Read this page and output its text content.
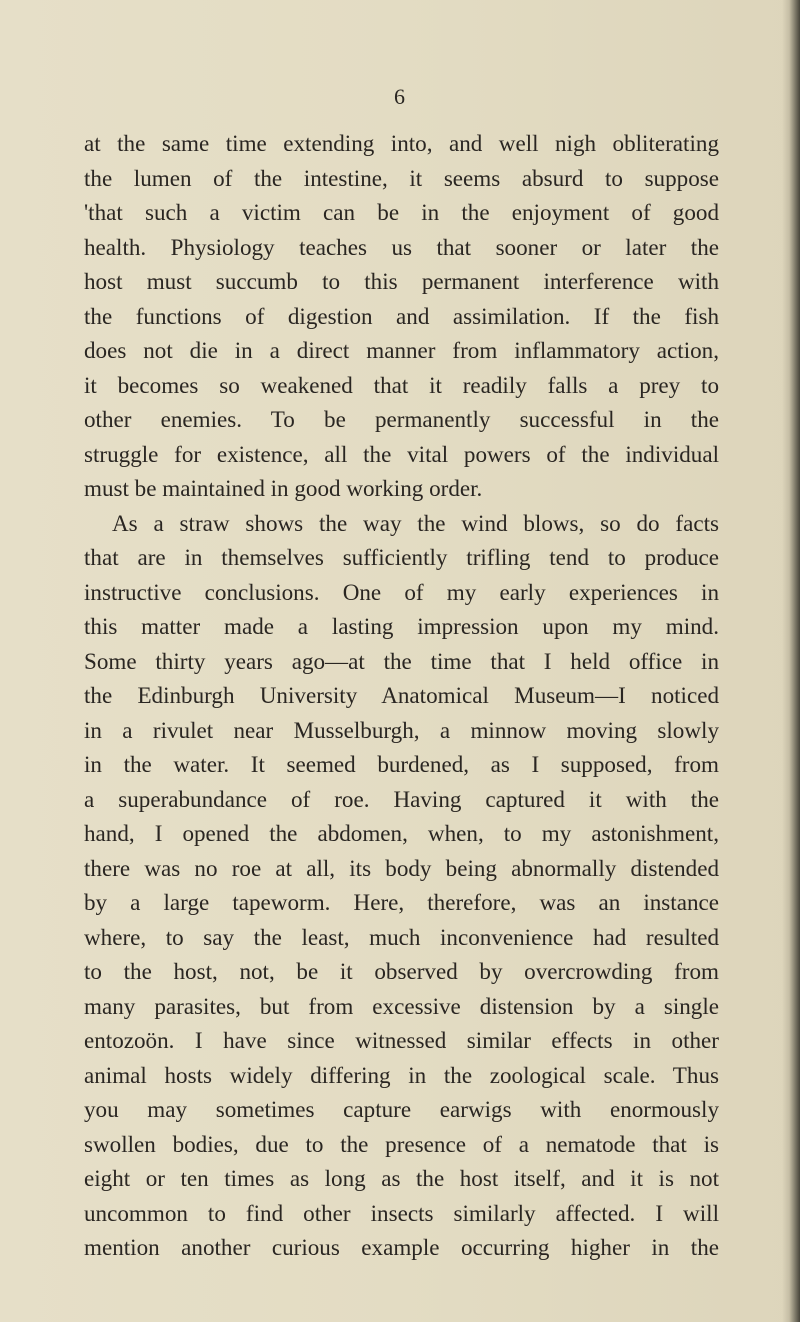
6
at the same time extending into, and well nigh obliterating
the lumen of the intestine, it seems absurd to suppose
'that such a victim can be in the enjoyment of good
health. Physiology teaches us that sooner or later the
host must succumb to this permanent interference with
the functions of digestion and assimilation. If the fish
does not die in a direct manner from inflammatory action,
it becomes so weakened that it readily falls a prey to
other enemies. To be permanently successful in the
struggle for existence, all the vital powers of the individual
must be maintained in good working order.
As a straw shows the way the wind blows, so do facts
that are in themselves sufficiently trifling tend to produce
instructive conclusions. One of my early experiences in
this matter made a lasting impression upon my mind.
Some thirty years ago—at the time that I held office in
the Edinburgh University Anatomical Museum—I noticed
in a rivulet near Musselburgh, a minnow moving slowly
in the water. It seemed burdened, as I supposed, from
a superabundance of roe. Having captured it with the
hand, I opened the abdomen, when, to my astonishment,
there was no roe at all, its body being abnormally distended
by a large tapeworm. Here, therefore, was an instance
where, to say the least, much inconvenience had resulted
to the host, not, be it observed by overcrowding from
many parasites, but from excessive distension by a single
entozoön. I have since witnessed similar effects in other
animal hosts widely differing in the zoological scale. Thus
you may sometimes capture earwigs with enormously
swollen bodies, due to the presence of a nematode that is
eight or ten times as long as the host itself, and it is not
uncommon to find other insects similarly affected. I will
mention another curious example occurring higher in the
